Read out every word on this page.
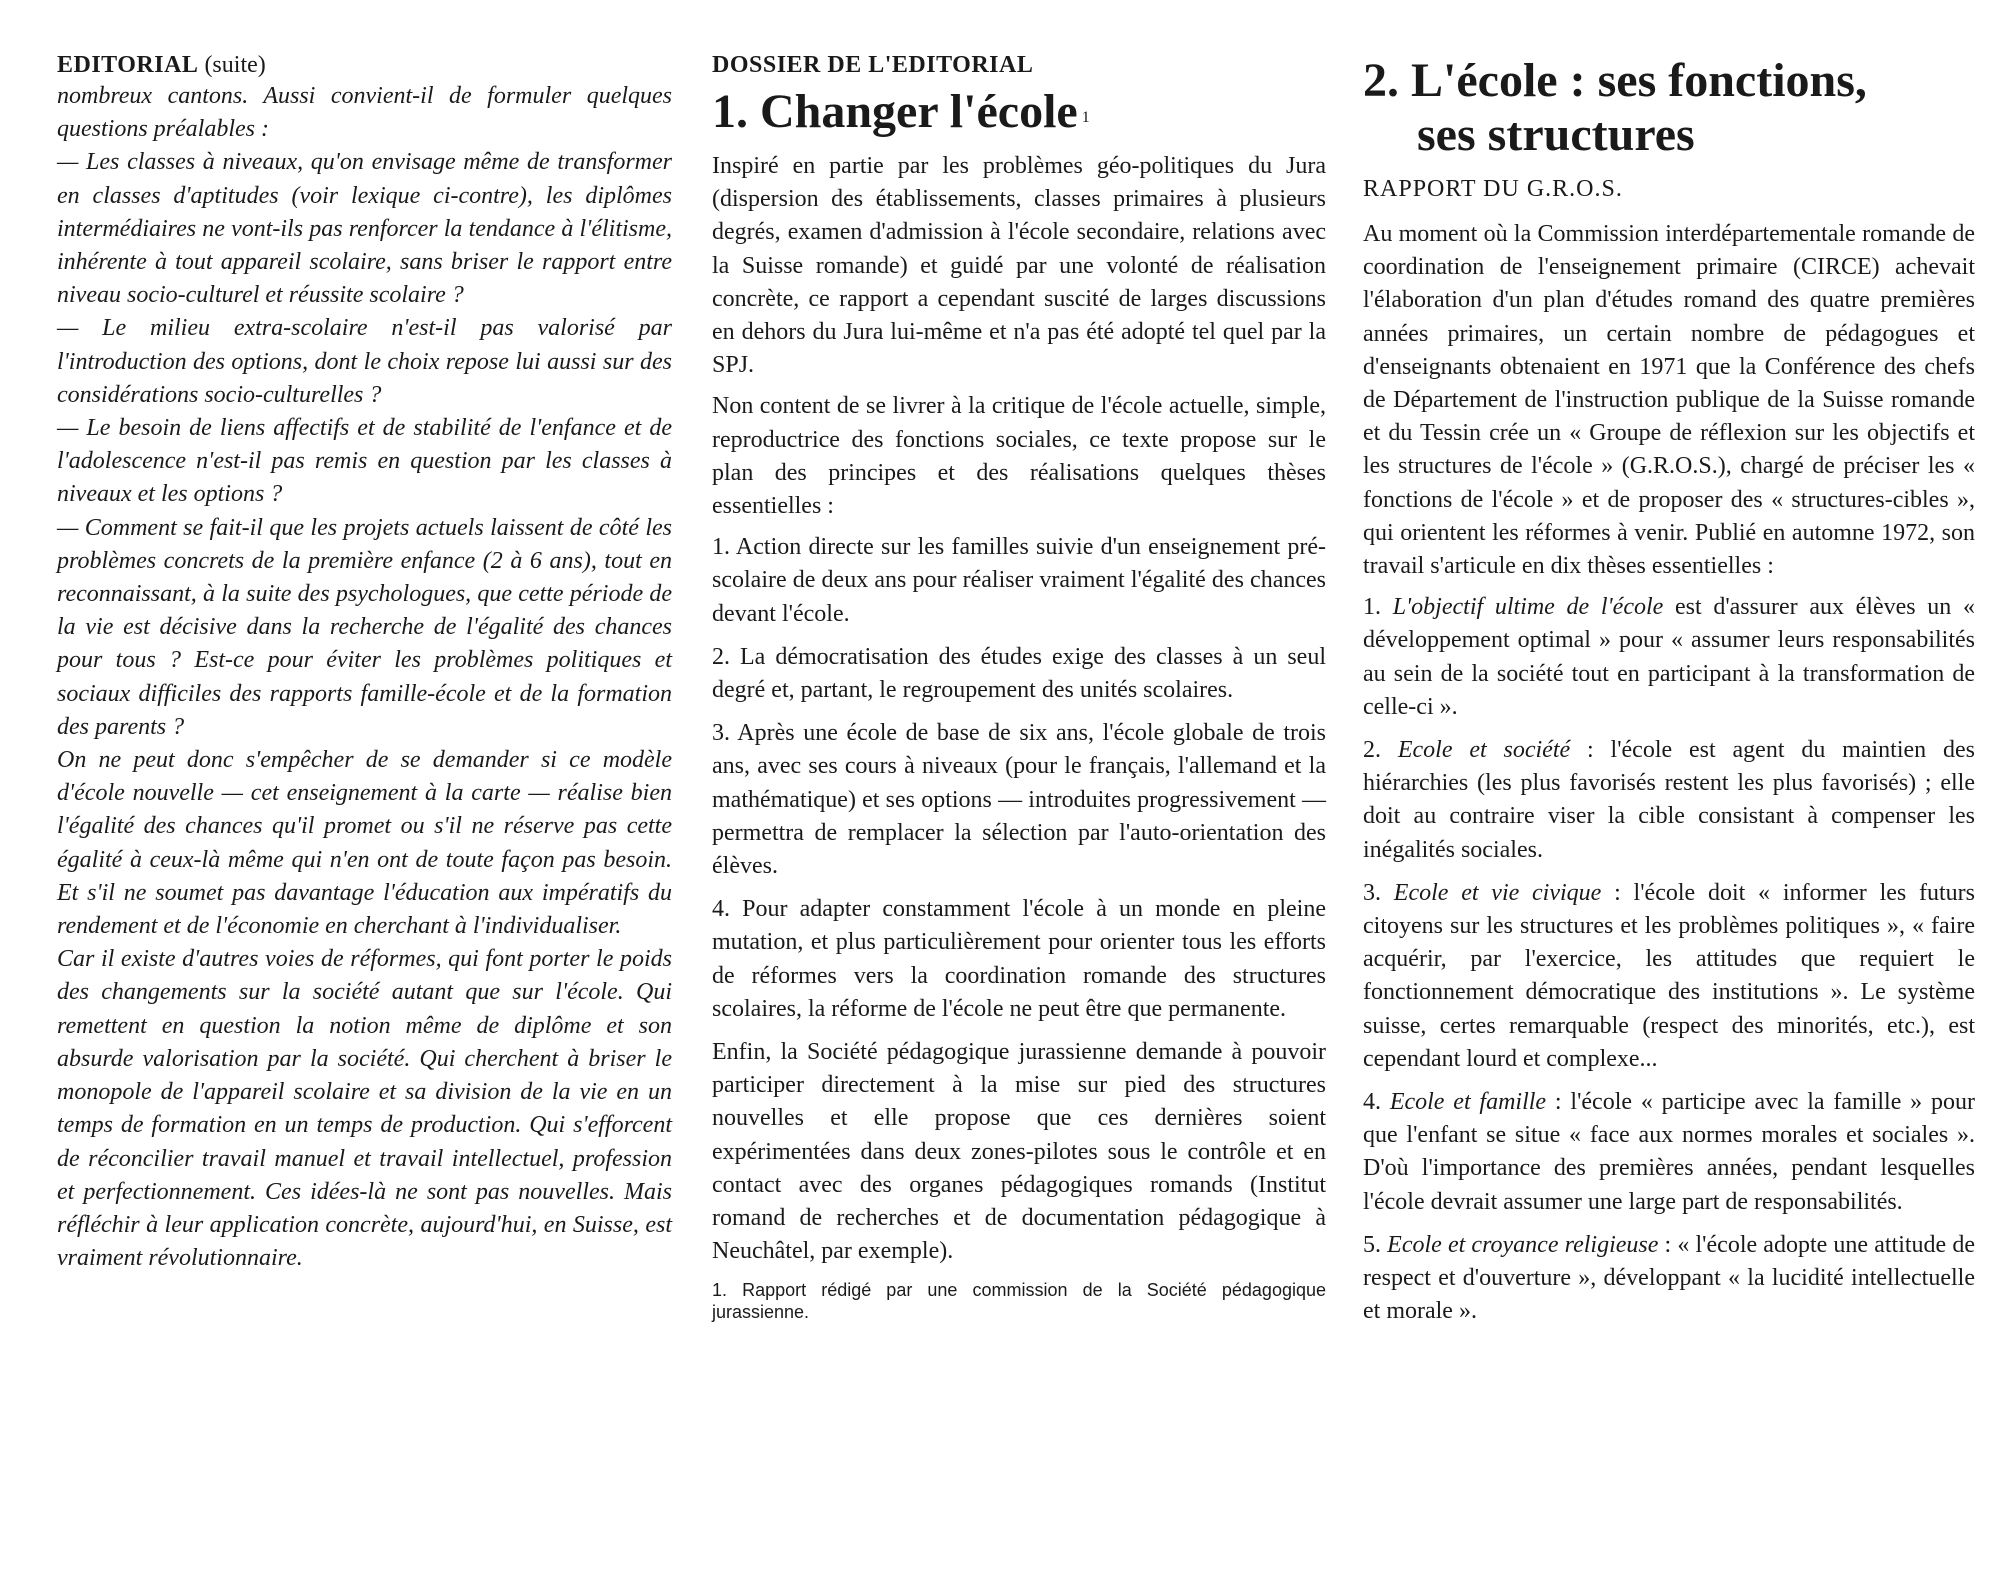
EDITORIAL (suite)
nombreux cantons. Aussi convient-il de formuler quelques questions préalables :
— Les classes à niveaux, qu'on envisage même de transformer en classes d'aptitudes (voir lexique ci-contre), les diplômes intermédiaires ne vont-ils pas renforcer la tendance à l'élitisme, inhérente à tout appareil scolaire, sans briser le rapport entre niveau socio-culturel et réussite scolaire ?
— Le milieu extra-scolaire n'est-il pas valorisé par l'introduction des options, dont le choix repose lui aussi sur des considérations socio-culturelles ?
— Le besoin de liens affectifs et de stabilité de l'enfance et de l'adolescence n'est-il pas remis en question par les classes à niveaux et les options ?
— Comment se fait-il que les projets actuels laissent de côté les problèmes concrets de la première enfance (2 à 6 ans), tout en reconnaissant, à la suite des psychologues, que cette période de la vie est décisive dans la recherche de l'égalité des chances pour tous ? Est-ce pour éviter les problèmes politiques et sociaux difficiles des rapports famille-école et de la formation des parents ?
On ne peut donc s'empêcher de se demander si ce modèle d'école nouvelle — cet enseignement à la carte — réalise bien l'égalité des chances qu'il promet ou s'il ne réserve pas cette égalité à ceux-là même qui n'en ont de toute façon pas besoin. Et s'il ne soumet pas davantage l'éducation aux impératifs du rendement et de l'économie en cherchant à l'individualiser.
Car il existe d'autres voies de réformes, qui font porter le poids des changements sur la société autant que sur l'école. Qui remettent en question la notion même de diplôme et son absurde valorisation par la société. Qui cherchent à briser le monopole de l'appareil scolaire et sa division de la vie en un temps de formation en un temps de production. Qui s'efforcent de réconcilier travail manuel et travail intellectuel, profession et perfectionnement. Ces idées-là ne sont pas nouvelles. Mais réfléchir à leur application concrète, aujourd'hui, en Suisse, est vraiment révolutionnaire.
DOSSIER DE L'EDITORIAL
1. Changer l'école $^1$

Inspiré en partie par les problèmes géo-politiques du Jura (dispersion des établissements, classes primaires à plusieurs degrés, examen d'admission à l'école secondaire, relations avec la Suisse romande) et guidé par une volonté de réalisation concrète, ce rapport a cependant suscité de larges discussions en dehors du Jura lui-même et n'a pas été adopté tel quel par la SPJ.

Non content de se livrer à la critique de l'école actuelle, simple, reproductrice des fonctions sociales, ce texte propose sur le plan des principes et des réalisations quelques thèses essentielles :

1. Action directe sur les familles suivie d'un enseignement pré-scolaire de deux ans pour réaliser vraiment l'égalité des chances devant l'école.

2. La démocratisation des études exige des classes à un seul degré et, partant, le regroupement des unités scolaires.

3. Après une école de base de six ans, l'école globale de trois ans, avec ses cours à niveaux (pour le français, l'allemand et la mathématique) et ses options — introduites progressivement — permettra de remplacer la sélection par l'auto-orientation des élèves.

4. Pour adapter constamment l'école à un monde en pleine mutation, et plus particulièrement pour orienter tous les efforts de réformes vers la coordination romande des structures scolaires, la réforme de l'école ne peut être que permanente.

Enfin, la Société pédagogique jurassienne demande à pouvoir participer directement à la mise sur pied des structures nouvelles et elle propose que ces dernières soient expérimentées dans deux zones-pilotes sous le contrôle et en contact avec des organes pédagogiques romands (Institut romand de recherches et de documentation pédagogique à Neuchâtel, par exemple).

1. Rapport rédigé par une commission de la Société pédagogique jurassienne.
2. L'école : ses fonctions,
ses structures
RAPPORT DU G.R.O.S.

Au moment où la Commission interdépartementale romande de coordination de l'enseignement primaire (CIRCE) achevait l'élaboration d'un plan d'études romand des quatre premières années primaires, un certain nombre de pédagogues et d'enseignants obtenaient en 1971 que la Conférence des chefs de Département de l'instruction publique de la Suisse romande et du Tessin crée un « Groupe de réflexion sur les objectifs et les structures de l'école » (G.R.O.S.), chargé de préciser les « fonctions de l'école » et de proposer des « structures-cibles », qui orientent les réformes à venir. Publié en automne 1972, son travail s'articule en dix thèses essentielles :

1. L'objectif ultime de l'école est d'assurer aux élèves un « développement optimal » pour « assumer leurs responsabilités au sein de la société tout en participant à la transformation de celle-ci ».

2. Ecole et société : l'école est agent du maintien des hiérarchies (les plus favorisés restent les plus favorisés) ; elle doit au contraire viser la cible consistant à compenser les inégalités sociales.

3. Ecole et vie civique : l'école doit « informer les futurs citoyens sur les structures et les problèmes politiques », « faire acquérir, par l'exercice, les attitudes que requiert le fonctionnement démocratique des institutions ». Le système suisse, certes remarquable (respect des minorités, etc.), est cependant lourd et complexe...

4. Ecole et famille : l'école « participe avec la famille » pour que l'enfant se situe « face aux normes morales et sociales ». D'où l'importance des premières années, pendant lesquelles l'école devrait assumer une large part de responsabilités.

5. Ecole et croyance religieuse : « l'école adopte une attitude de respect et d'ouverture », développant « la lucidité intellectuelle et morale ».
